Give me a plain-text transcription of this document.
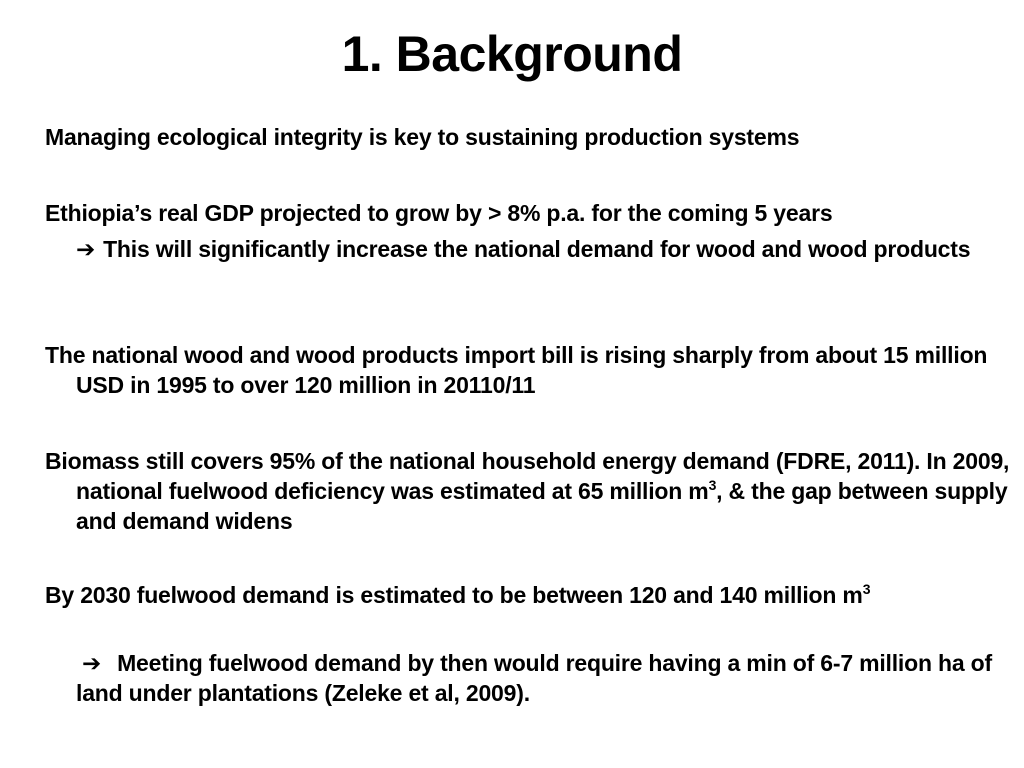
1. Background
Managing ecological integrity is key to sustaining production systems
Ethiopia’s real GDP projected to grow by > 8% p.a. for the coming 5 years
➔ This will significantly increase the national demand for wood and wood products
The national wood and wood products import bill is rising sharply from about 15 million USD in 1995 to over 120 million in 20110/11
Biomass still covers 95% of the national household energy demand (FDRE, 2011). In 2009, national fuelwood deficiency was estimated at 65 million $m^3$, & the gap between supply and demand widens
By 2030 fuelwood demand is estimated to be between 120 and 140 million $m^3$
➔ Meeting fuelwood demand by then would require having a min of 6-7 million ha of land under plantations (Zeleke et al, 2009).
